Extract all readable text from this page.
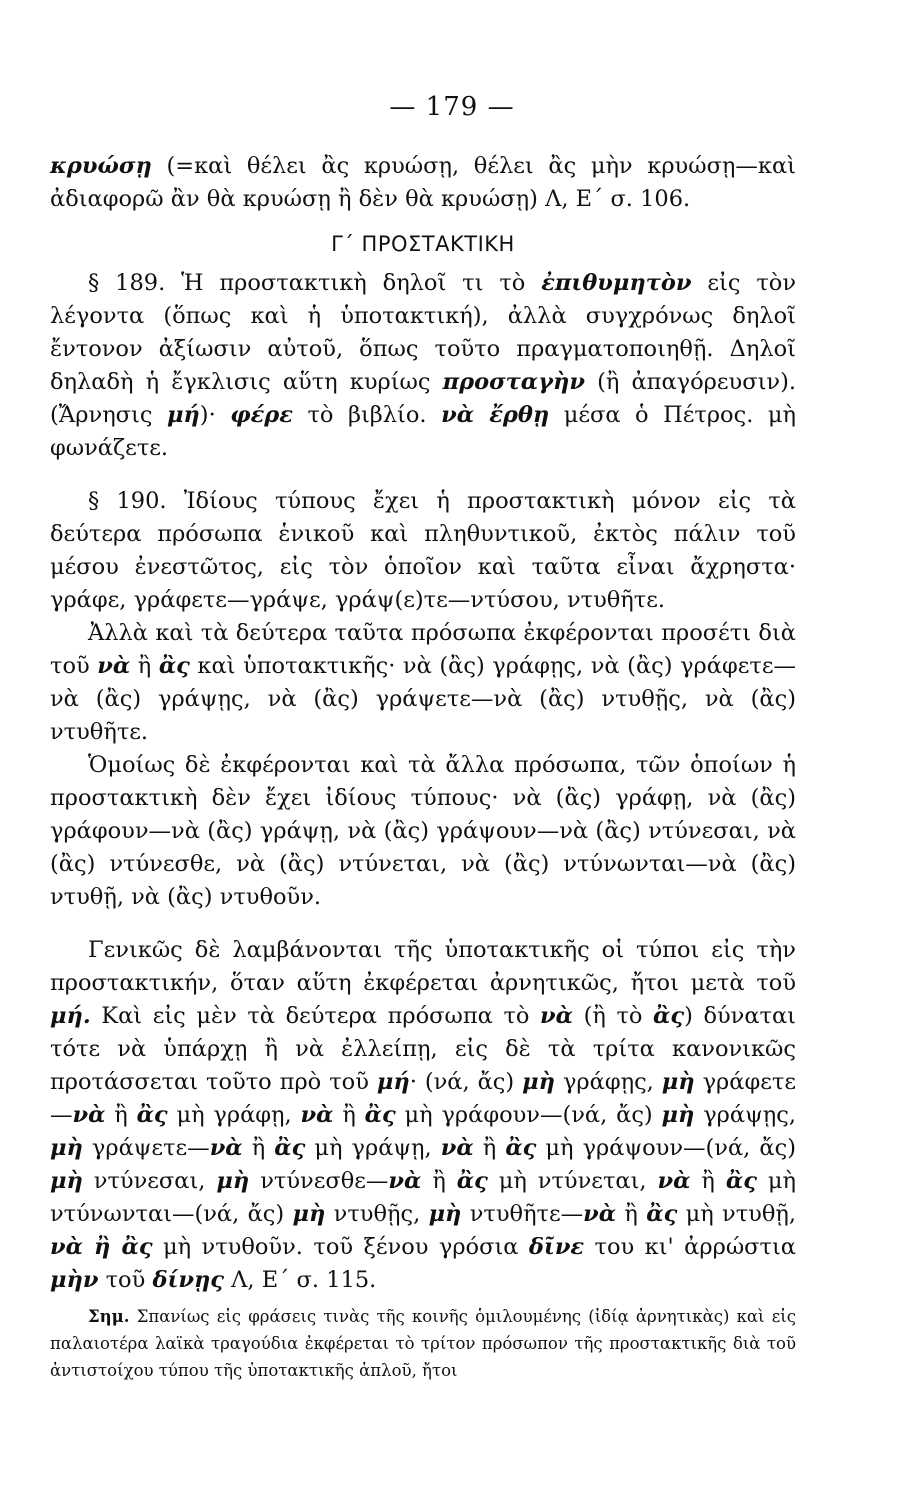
— 179 —

κρυώσῃ (=καὶ θέλει ἂς κρυώσῃ, θέλει ἂς μὴν κρυώσῃ—καὶ ἀδιαφορῶ ἂν θὰ κρυώσῃ ἢ δὲν θὰ κρυώσῃ) Λ, Ε΄ σ. 106.

Γ΄ ΠΡΟΣΤΑΚΤΙΚΗ

§ 189. Ἡ προστακτικὴ δηλοῖ τι τὸ ἐπιθυμητὸν εἰς τὸν λέγοντα (ὅπως καὶ ἡ ὑποτακτική), ἀλλὰ συγχρόνως δηλοῖ ἔντονον ἀξίωσιν αὐτοῦ, ὅπως τοῦτο πραγματοποιηθῇ. Δηλοῖ δηλαδὴ ἡ ἔγκλισις αὕτη κυρίως προσταγὴν (ἢ ἀπαγόρευσιν). (Ἄρνησις μή)· φέρε τὸ βιβλίο. νὰ ἔρθῃ μέσα ὁ Πέτρος. μὴ φωνάζετε.

§ 190. Ἰδίους τύπους ἔχει ἡ προστακτικὴ μόνον εἰς τὰ δεύτερα πρόσωπα ἑνικοῦ καὶ πληθυντικοῦ, ἐκτὸς πάλιν τοῦ μέσου ἐνεστῶτος, εἰς τὸν ὁποῖον καὶ ταῦτα εἶναι ἄχρηστα· γράφε, γράφετε—γράψε, γράψ(ε)τε—ντύσου, ντυθῆτε.

Ἀλλὰ καὶ τὰ δεύτερα ταῦτα πρόσωπα ἐκφέρονται προσέτι διὰ τοῦ νὰ ἢ ἂς καὶ ὑποτακτικῆς· νὰ (ἂς) γράφῃς, νὰ (ἂς) γράφετε—νὰ (ἂς) γράψῃς, νὰ (ἂς) γράψετε—νὰ (ἂς) ντυθῇς, νὰ (ἂς) ντυθῆτε.

Ὁμοίως δὲ ἐκφέρονται καὶ τὰ ἄλλα πρόσωπα, τῶν ὁποίων ἡ προστακτικὴ δὲν ἔχει ἰδίους τύπους· νὰ (ἂς) γράφῃ, νὰ (ἂς) γράφουν—νὰ (ἂς) γράψῃ, νὰ (ἂς) γράψουν—νὰ (ἂς) ντύνεσαι, νὰ (ἂς) ντύνεσθε, νὰ (ἂς) ντύνεται, νὰ (ἂς) ντύνωνται—νὰ (ἂς) ντυθῇ, νὰ (ἂς) ντυθοῦν.

Γενικῶς δὲ λαμβάνονται τῆς ὑποτακτικῆς οἱ τύποι εἰς τὴν προστακτικήν, ὅταν αὕτη ἐκφέρεται ἀρνητικῶς, ἤτοι μετὰ τοῦ μή. Καὶ εἰς μὲν τὰ δεύτερα πρόσωπα τὸ νὰ (ἢ τὸ ἂς) δύναται τότε νὰ ὑπάρχῃ ἢ νὰ ἐλλείπῃ, εἰς δὲ τὰ τρίτα κανονικῶς προτάσσεται τοῦτο πρὸ τοῦ μή· (νά, ἄς) μὴ γράφῃς, μὴ γράφετε—νὰ ἢ ἂς μὴ γράφῃ, νὰ ἢ ἂς μὴ γράφουν—(νά, ἄς) μὴ γράψῃς, μὴ γράψετε—νὰ ἢ ἂς μὴ γράψῃ, νὰ ἢ ἂς μὴ γράψουν—(νά, ἄς) μὴ ντύνεσαι, μὴ ντύνεσθε—νὰ ἢ ἂς μὴ ντύνεται, νὰ ἢ ἂς μὴ ντύνωνται—(νά, ἄς) μὴ ντυθῇς, μὴ ντυθῆτε—νὰ ἢ ἂς μὴ ντυθῇ, νὰ ἢ ἂς μὴ ντυθοῦν. τοῦ ξένου γρόσια δῖνε του κι' ἀρρώστια μὴν τοῦ δίνῃς Λ, Ε΄ σ. 115.

Σημ. Σπανίως εἰς φράσεις τινὰς τῆς κοινῆς ὁμιλουμένης (ἰδίᾳ ἀρνητικὰς) καὶ εἰς παλαιοτέρα λαϊκὰ τραγούδια ἐκφέρεται τὸ τρίτον πρόσωπον τῆς προστακτικῆς διὰ τοῦ ἀντιστοίχου τύπου τῆς ὑποτακτικῆς ἁπλοῦ, ἤτοι
